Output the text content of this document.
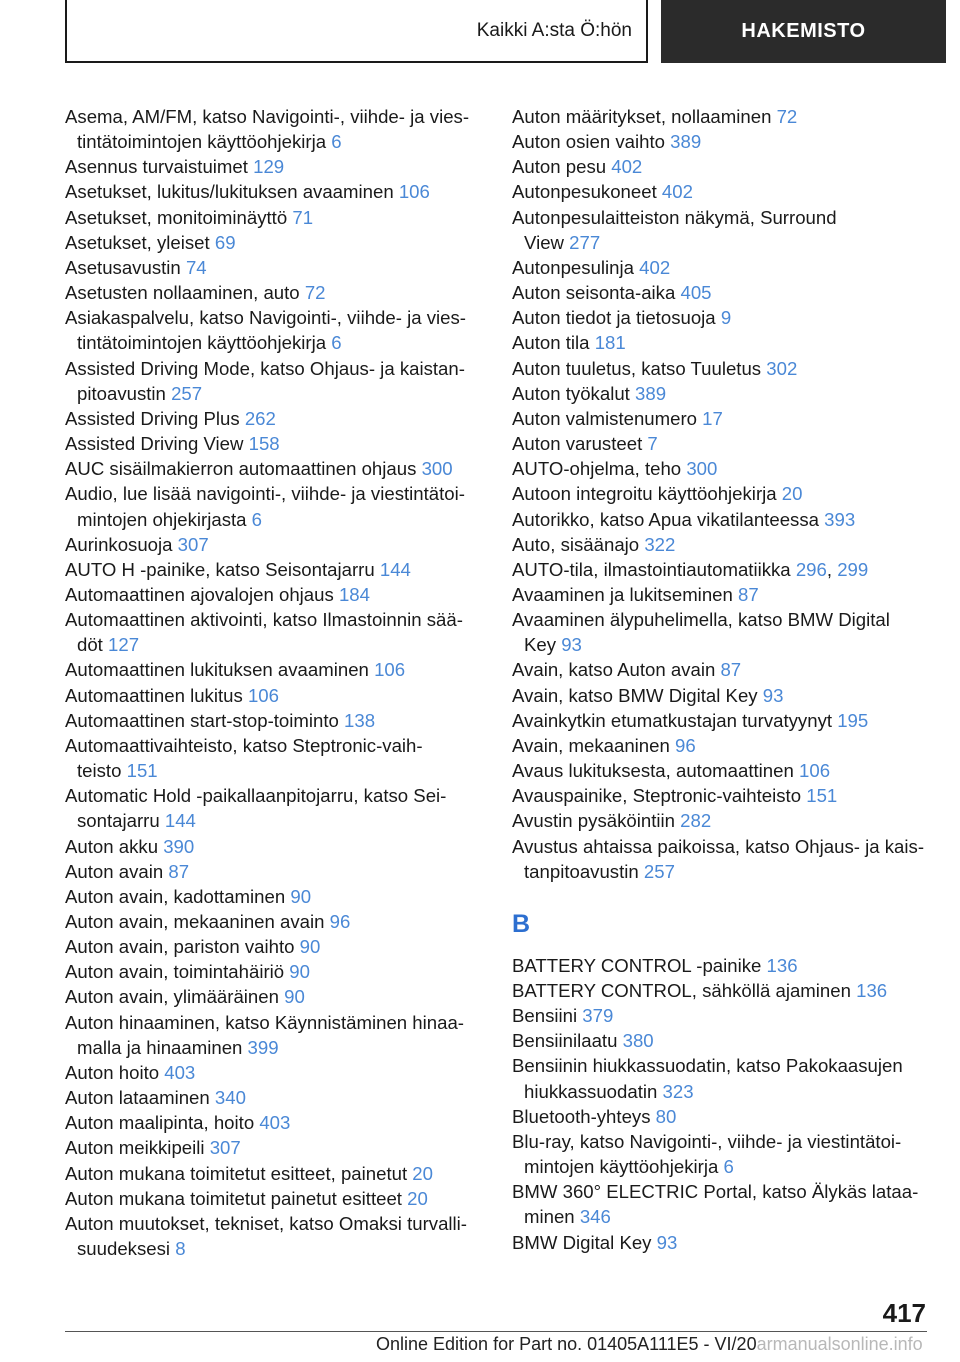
Kaikki A:sta Ö:hön	HAKEMISTO
Asema, AM/FM, katso Navigointi-, viihde- ja vies-
tintätoimintojen käyttöohjekirja 6
Asennus turvaistuimet 129
Asetukset, lukitus/lukituksen avaaminen 106
Asetukset, monitoiminäyttö 71
Asetukset, yleiset 69
Asetusavustin 74
Asetusten nollaaminen, auto 72
Asiakaspalvelu, katso Navigointi-, viihde- ja vies-
tintätoimintojen käyttöohjekirja 6
Assisted Driving Mode, katso Ohjaus- ja kaistan-
pitoavustin 257
Assisted Driving Plus 262
Assisted Driving View 158
AUC sisäilmakierron automaattinen ohjaus 300
Audio, lue lisää navigointi-, viihde- ja viestintätoi-
mintojen ohjekirjasta 6
Aurinkosuoja 307
AUTO H -painike, katso Seisontajarru 144
Automaattinen ajovalojen ohjaus 184
Automaattinen aktivointi, katso Ilmastoinnin sää-
döt 127
Automaattinen lukituksen avaaminen 106
Automaattinen lukitus 106
Automaattinen start-stop-toiminto 138
Automaattivaihteisto, katso Steptronic-vaih-
teisto 151
Automatic Hold -paikallaanpitojarru, katso Sei-
sontajarru 144
Auton akku 390
Auton avain 87
Auton avain, kadottaminen 90
Auton avain, mekaaninen avain 96
Auton avain, pariston vaihto 90
Auton avain, toimintahäiriö 90
Auton avain, ylimääräinen 90
Auton hinaaminen, katso Käynnistäminen hinaa-
malla ja hinaaminen 399
Auton hoito 403
Auton lataaminen 340
Auton maalipinta, hoito 403
Auton meikkipeili 307
Auton mukana toimitetut esitteet, painetut 20
Auton mukana toimitetut painetut esitteet 20
Auton muutokset, tekniset, katso Omaksi turvalli-
suudeksesi 8
Auton määritykset, nollaaminen 72
Auton osien vaihto 389
Auton pesu 402
Autonpesukoneet 402
Autonpesulaitteiston näkymä, Surround
View 277
Autonpesulinja 402
Auton seisonta-aika 405
Auton tiedot ja tietosuoja 9
Auton tila 181
Auton tuuletus, katso Tuuletus 302
Auton työkalut 389
Auton valmistenumero 17
Auton varusteet 7
AUTO-ohjelma, teho 300
Autoon integroitu käyttöohjekirja 20
Autorikko, katso Apua vikatilanteessa 393
Auto, sisäänajo 322
AUTO-tila, ilmastointiautomatiikka 296, 299
Avaaminen ja lukitseminen 87
Avaaminen älypuhelimella, katso BMW Digital
Key 93
Avain, katso Auton avain 87
Avain, katso BMW Digital Key 93
Avainkytkin etumatkustajan turvatyynyt 195
Avain, mekaaninen 96
Avaus lukituksesta, automaattinen 106
Avauspainike, Steptronic-vaihteisto 151
Avustin pysäköintiin 282
Avustus ahtaissa paikoissa, katso Ohjaus- ja kais-
tanpitoavustin 257
B
BATTERY CONTROL -painike 136
BATTERY CONTROL, sähköllä ajaminen 136
Bensiini 379
Bensiinilaatu 380
Bensiinin hiukkassuodatin, katso Pakokaasujen
hiukkassuodatin 323
Bluetooth-yhteys 80
Blu-ray, katso Navigointi-, viihde- ja viestintätoi-
mintojen käyttöohjekirja 6
BMW 360° ELECTRIC Portal, katso Älykäs lataa-
minen 346
BMW Digital Key 93
417
Online Edition for Part no. 01405A111E5 - VI/20armanualsonline.info
